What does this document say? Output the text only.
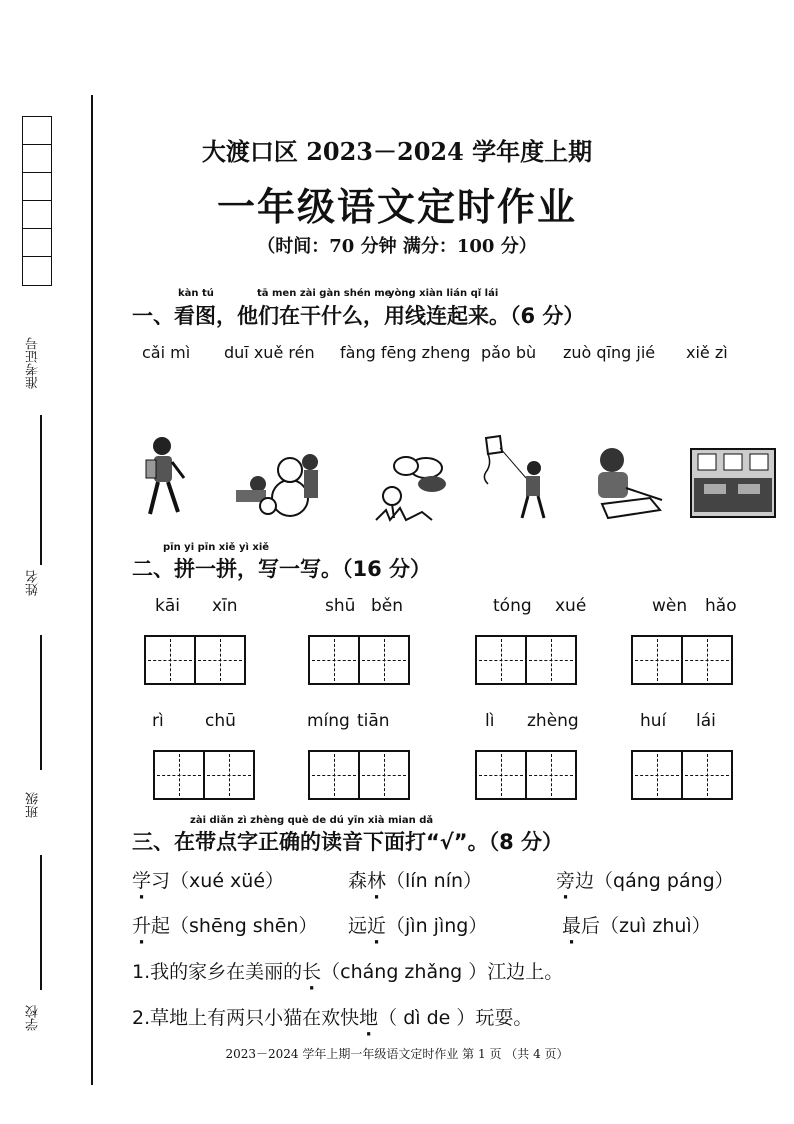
准考证号
姓名
班级
学校
大渡口区 2023－2024 学年度上期
一年级语文定时作业
（时间：70 分钟 满分：100 分）
kàn tú	tā men zài gàn shén me
yòng xiàn lián qǐ lái
一、看图，他们在干什么，用线连起来。（6 分）
cǎi mì duī xuě rén fàng fēng zheng pǎo bù zuò qīng jié xiě zì
pīn yi pīn xiě yì xiě
二、拼一拼，写一写。（16 分）
kāi xīn	shū běn	tóng xué	wèn hǎo
rì chū	míng tiān	lì zhèng	huí lái
zài diǎn zì zhèng què de dú yīn xià mian dǎ
三、在带点字正确的读音下面打“√”。（8 分）
学习（xué xüé）	森林（lín nín）	旁边（qáng páng）
升起（shēng shēn） 远近（jìn jìng）	最后（zuì zhuì）
1.我的家乡在美丽的长（cháng zhǎng ）江边上。
2.草地上有两只小猫在欢快地（ dì de ）玩耍。
2023－2024 学年上期一年级语文定时作业 第 1 页 （共 4 页）
